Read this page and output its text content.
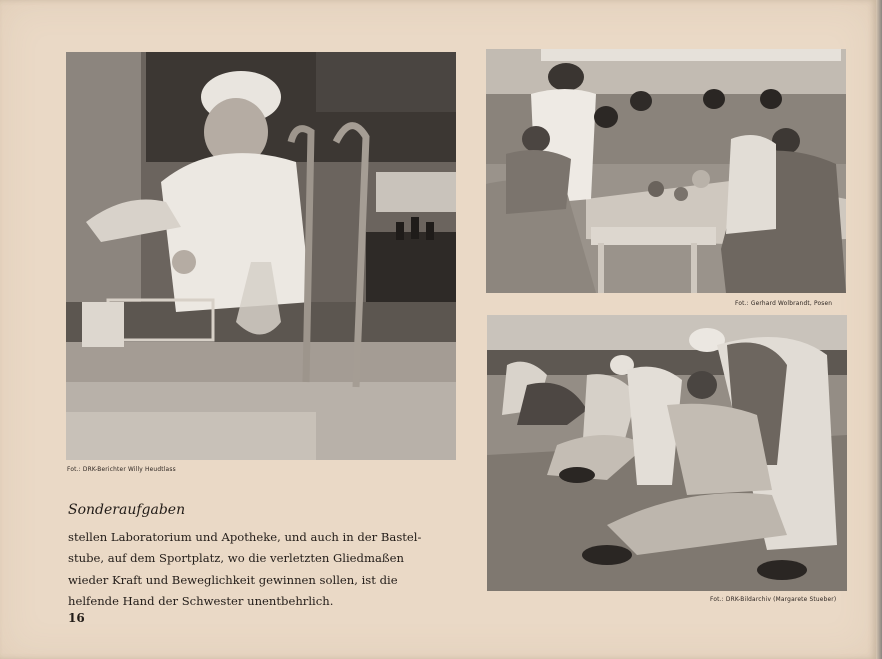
Fot.: DRK-Berichter Willy Heudtlass
Fot.: Gerhard Wolbrandt, Posen
Fot.: DRK-Bildarchiv (Margarete Stueber)
Sonderaufgaben
stellen Laboratorium und Apotheke, und auch in der Bastel-
stube, auf dem Sportplatz, wo die verletzten Gliedmaßen
wieder Kraft und Beweglichkeit gewinnen sollen, ist die
helfende Hand der Schwester unentbehrlich.
16
